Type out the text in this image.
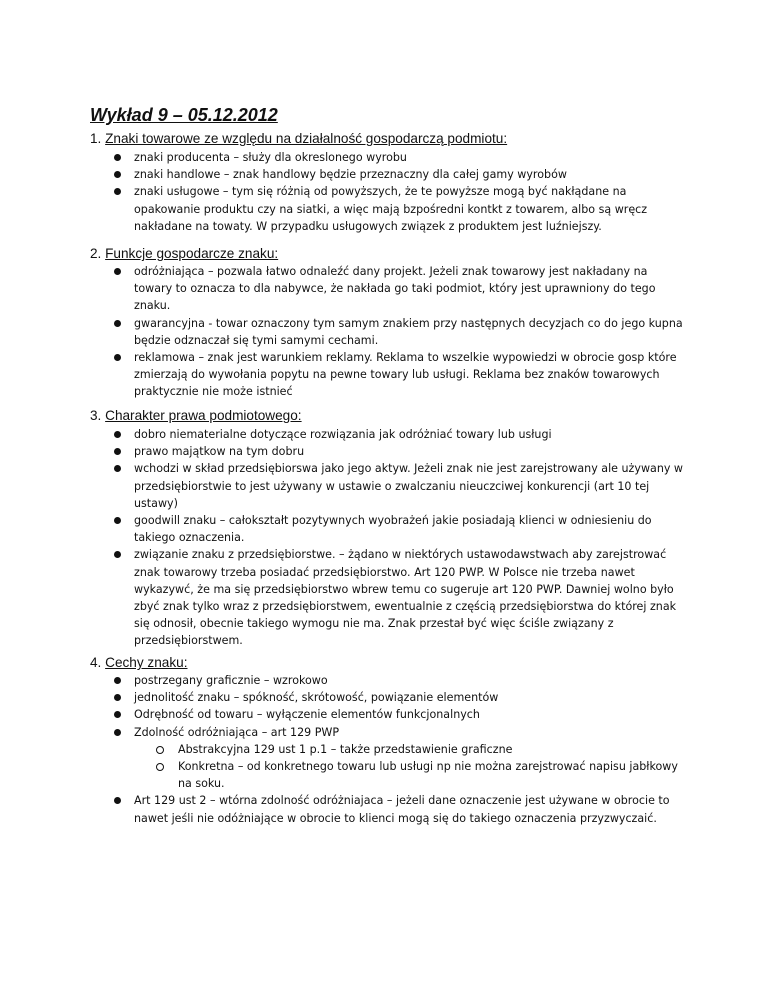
Wykład 9 – 05.12.2012

1. Znaki towarowe ze względu na działalność gospodarczą podmiotu:

znaki producenta – służy dla okreslonego wyrobu
znaki handlowe – znak handlowy będzie przeznaczny dla całej gamy wyrobów
znaki usługowe – tym się różnią od powyższych, że te powyższe mogą być nakłądane na opakowanie produktu czy na siatki, a więc mają bzpośredni kontkt z towarem, albo są wręcz nakładane na towaty. W przypadku usługowych związek z produktem jest luźniejszy.

2. Funkcje gospodarcze znaku:

odróżniająca – pozwala łatwo odnaleźć dany projekt. Jeżeli znak towarowy jest nakładany na towary to oznacza to dla nabywce, że nakłada go taki podmiot, który jest uprawniony do tego znaku.
gwarancyjna - towar oznaczony tym samym znakiem przy następnych decyzjach co do jego kupna będzie odznaczał się tymi samymi cechami.
reklamowa – znak jest warunkiem reklamy. Reklama to wszelkie wypowiedzi w obrocie gosp które zmierzają do wywołania popytu na pewne towary lub usługi. Reklama bez znaków towarowych praktycznie nie może istnieć

3. Charakter prawa podmiotowego:

dobro niematerialne dotyczące rozwiązania jak odróżniać towary lub usługi
prawo majątkow na tym dobru
wchodzi w skład przedsiębiorswa jako jego aktyw. Jeżeli znak nie jest zarejstrowany ale używany w przedsiębiorstwie to jest używany w ustawie o zwalczaniu nieuczciwej konkurencji (art 10 tej ustawy)
goodwill znaku – całokształt pozytywnych wyobrażeń jakie posiadają klienci w odniesieniu do takiego oznaczenia.
związanie znaku z przedsiębiorstwe. – żądano w niektórych ustawodawstwach aby zarejstrować znak towarowy trzeba posiadać przedsiębiorstwo. Art 120 PWP. W Polsce nie trzeba nawet wykazywć, że ma się przedsiębiorstwo wbrew temu co sugeruje art 120 PWP. Dawniej wolno było zbyć znak tylko wraz z przedsiębiorstwem, ewentualnie z częścią przedsiębiorstwa do której znak się odnosił, obecnie takiego wymogu nie ma. Znak przestał być więc ściśle związany z przedsiębiorstwem.

4. Cechy znaku:

postrzegany graficznie – wzrokowo
jednolitość znaku – spókność, skrótowość, powiązanie elementów
Odrębność od towaru – wyłączenie elementów funkcjonalnych
Zdolność odróżniająca – art 129 PWP
Abstrakcyjna 129 ust 1 p.1 – także przedstawienie graficzne
Konkretna – od konkretnego towaru lub usługi np nie można zarejstrować napisu jabłkowy na soku.
Art 129 ust 2 – wtórna zdolność odróżniajaca – jeżeli dane oznaczenie jest używane w obrocie to nawet jeśli nie odóżniające w obrocie to klienci mogą się do takiego oznaczenia przyzwyczaić.
